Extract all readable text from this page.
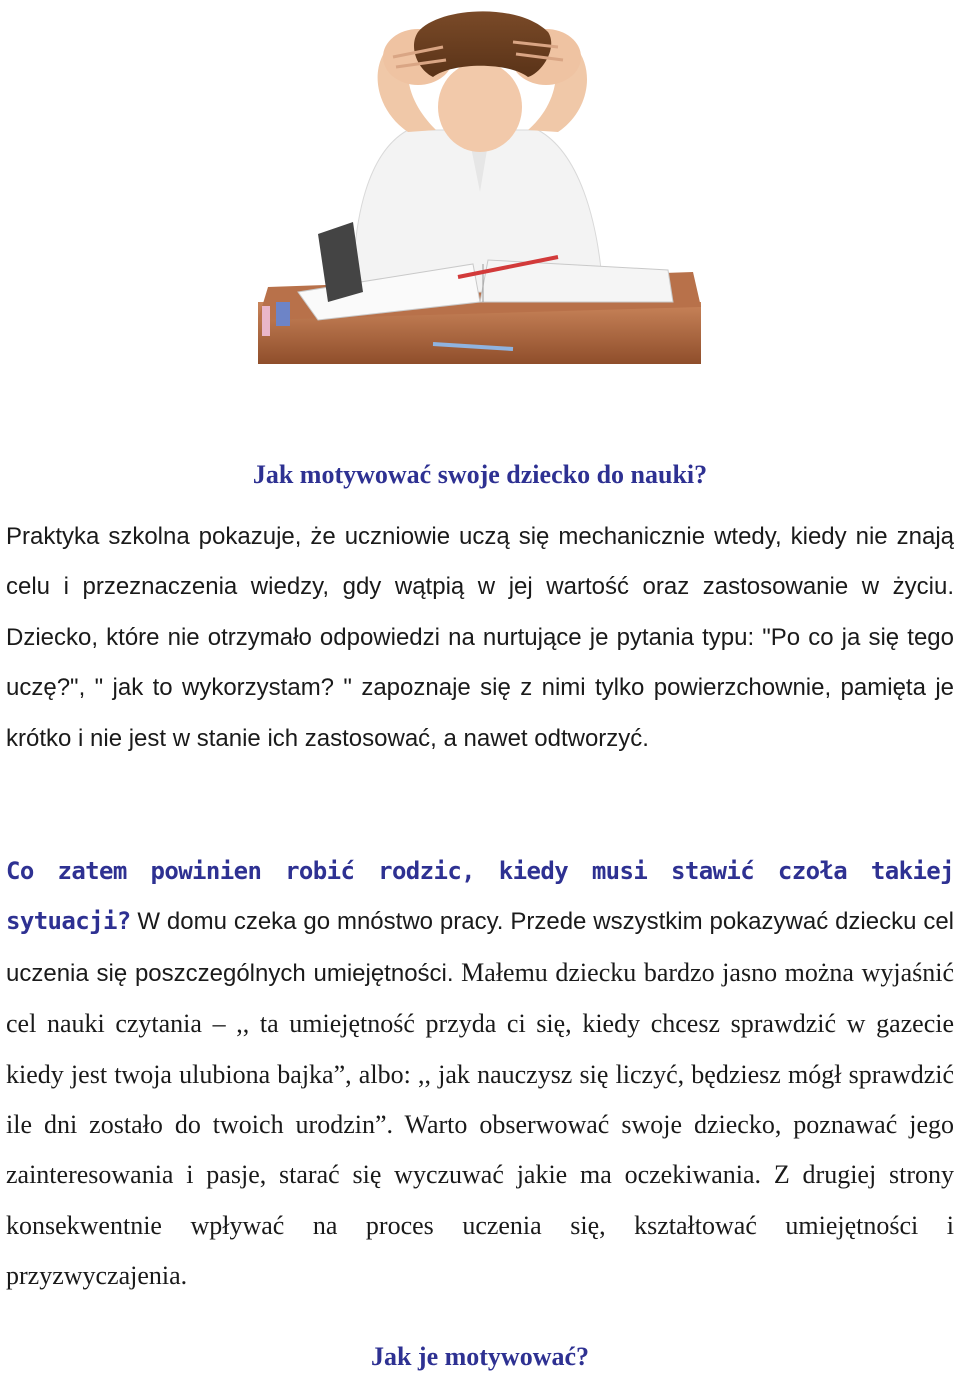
Jak motywować swoje dziecko do nauki?

Praktyka szkolna pokazuje, że uczniowie uczą się mechanicznie wtedy, kiedy nie znają celu i przeznaczenia wiedzy, gdy wątpią w jej wartość oraz zastosowanie w życiu. Dziecko, które nie otrzymało odpowiedzi na nurtujące je pytania typu: "Po co ja się tego uczę?", " jak to wykorzystam? " zapoznaje się z nimi tylko powierzchownie, pamięta je krótko i nie jest w stanie ich zastosować, a nawet odtworzyć.

Co zatem powinien robić rodzic, kiedy musi stawić czoła takiej sytuacji? W domu czeka go mnóstwo pracy. Przede wszystkim pokazywać dziecku cel uczenia się poszczególnych umiejętności. Małemu dziecku bardzo jasno można wyjaśnić cel nauki czytania – ,, ta umiejętność przyda ci się, kiedy chcesz sprawdzić w gazecie kiedy jest twoja ulubiona bajka”, albo: ,, jak nauczysz się liczyć, będziesz mógł sprawdzić ile dni zostało do twoich urodzin”. Warto obserwować swoje dziecko, poznawać jego zainteresowania i pasje, starać się wyczuwać jakie ma oczekiwania. Z drugiej strony konsekwentnie wpływać na proces uczenia się, kształtować umiejętności i przyzwyczajenia.

Jak je motywować?
